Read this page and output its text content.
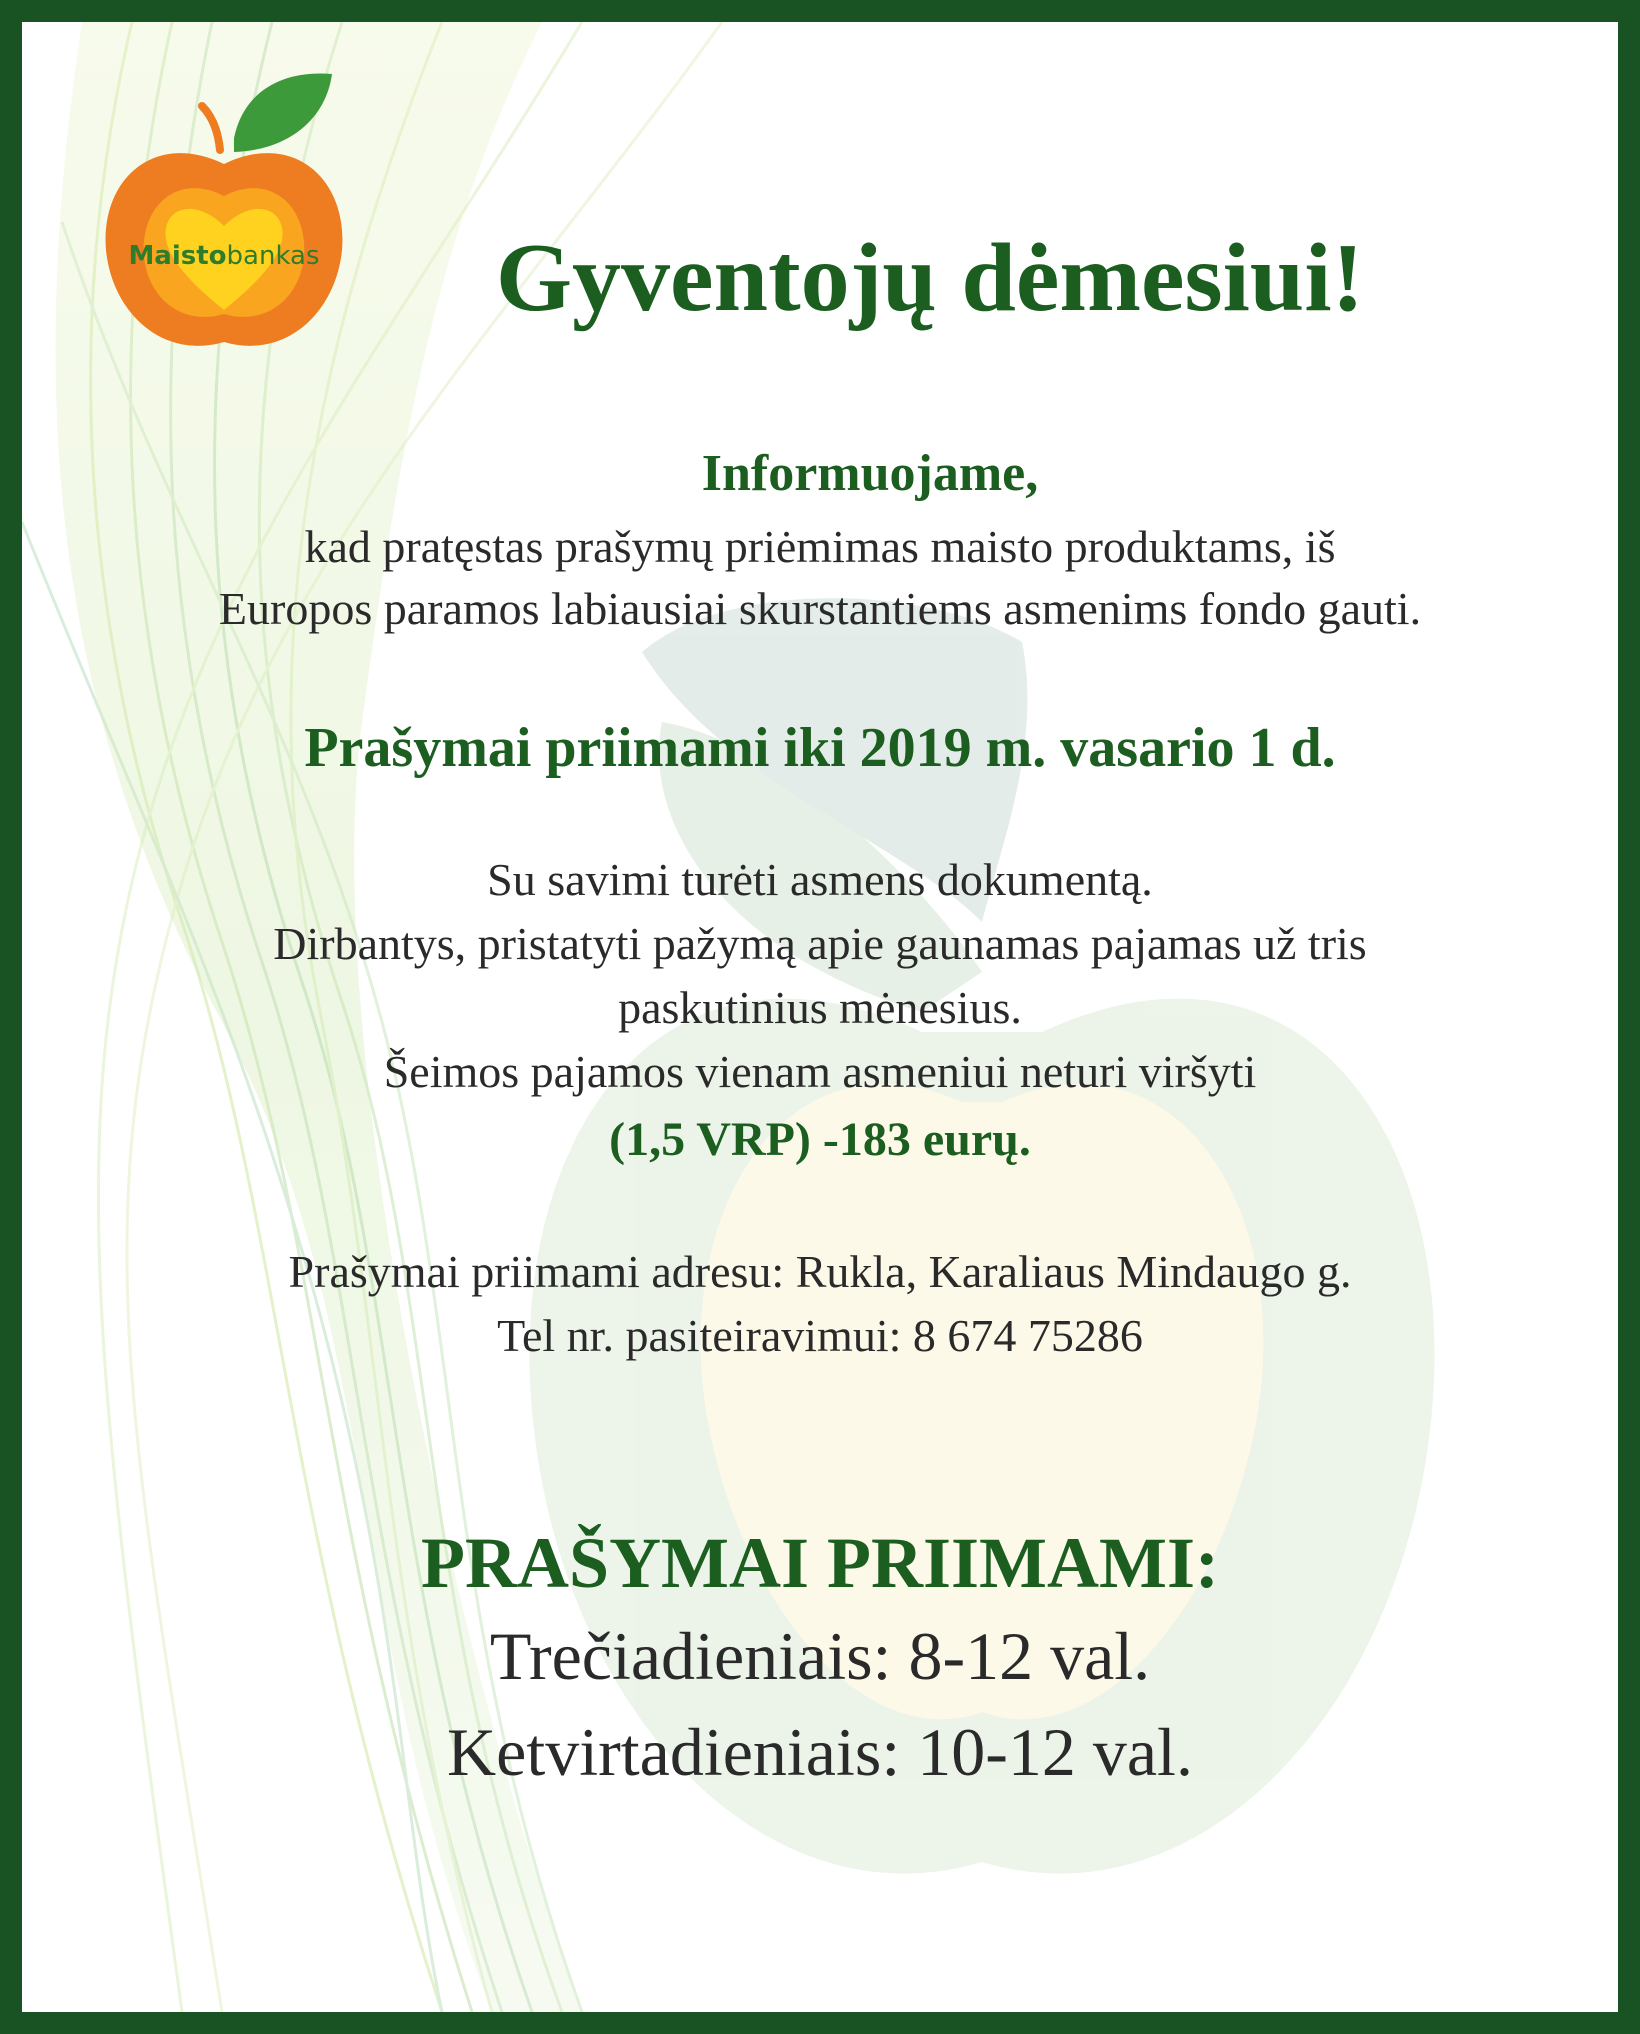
Maistobankas	Gyventojų dėmesiui!
Informuojame,

kad pratęstas prašymų priėmimas maisto produktams, iš
Europos paramos labiausiai skurstantiems asmenims fondo gauti.

Prašymai priimami iki 2019 m. vasario 1 d.

Su savimi turėti asmens dokumentą.
Dirbantys, pristatyti pažymą apie gaunamas pajamas už tris
paskutinius mėnesius.
Šeimos pajamos vienam asmeniui neturi viršyti

(1,5 VRP) -183 eurų.

Prašymai priimami adresu: Rukla, Karaliaus Mindaugo g.
Tel nr. pasiteiravimui: 8 674 75286

PRAŠYMAI PRIIMAMI:

Trečiadieniais: 8-12 val.
Ketvirtadieniais: 10-12 val.
